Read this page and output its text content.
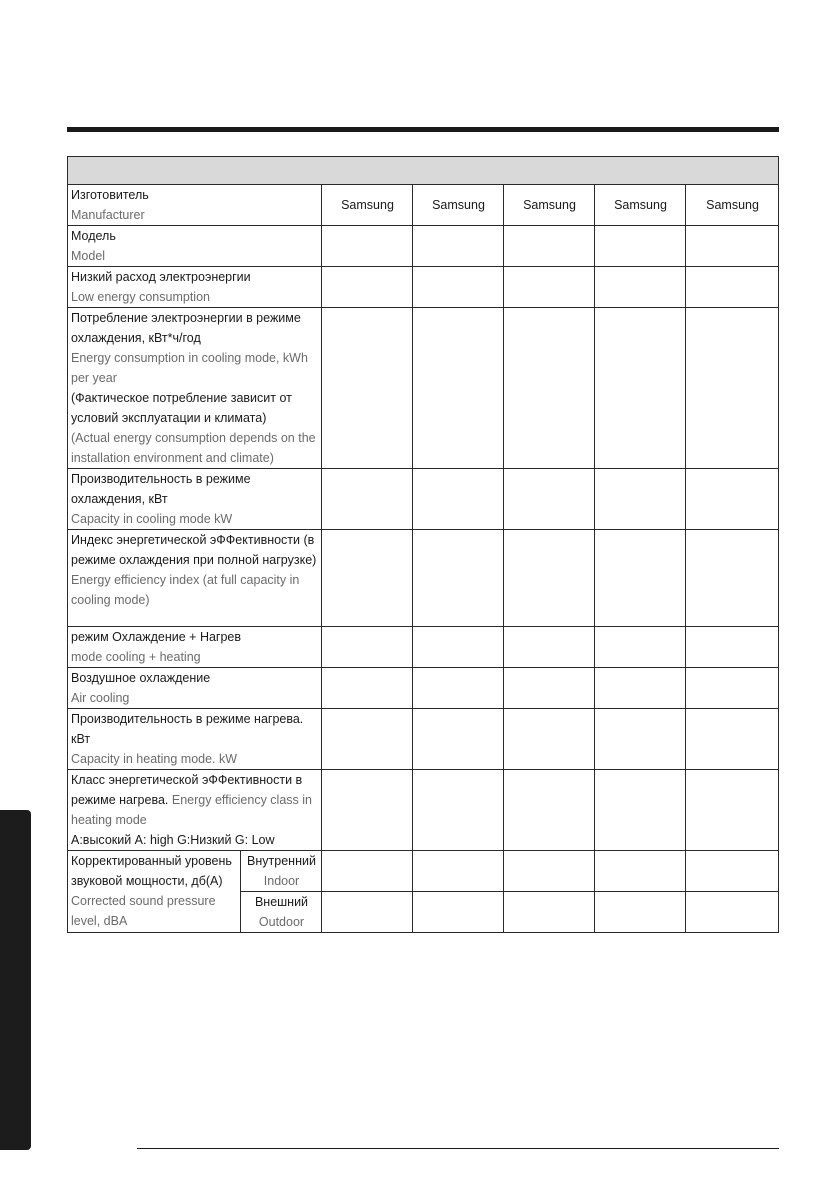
Изготовитель
Manufacturer		Samsung	Samsung	Samsung	Samsung	Samsung

Модель
Model						

Низкий расход электроэнергии
Low energy consumption						

Потребление электроэнергии в режиме охлаждения, кВт*ч/год
Energy consumption in cooling mode, kWh per year
(Фактическое потребление зависит от условий эксплуатации и климата)
(Actual energy consumption depends on the installation environment and climate)						

Производительность в режиме охлаждения, кВт
Capacity in cooling mode kW						

Индекс энергетической эФФективности (в режиме охлаждения при полной нагрузке)
Energy efficiency index (at full capacity in cooling mode)						

режим Охлаждение + Нагрев
mode cooling + heating						

Воздушное охлаждение
Air cooling						

Производительность в режиме нагрева. кВт
Capacity in heating mode. kW						

Класс энергетической эФФективности в режиме нагрева. Energy efficiency class in heating mode
A:высокий A: high G:Низкий G: Low						

Корректированный уровень звуковой мощности, дб(А)
Corrected sound pressure level, dBA	Внутренний
Indoor					

	Внешний
Outdoor					
